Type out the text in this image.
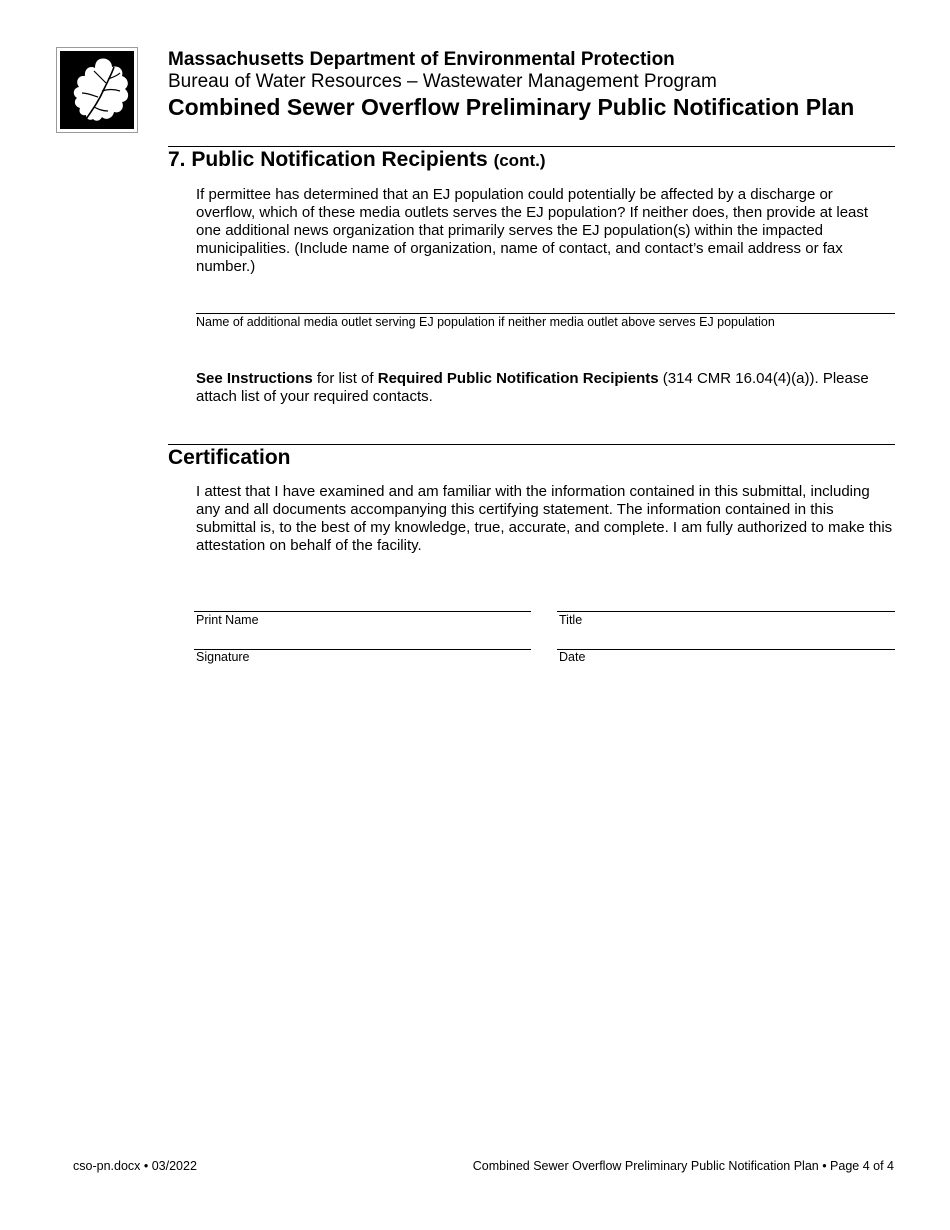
Massachusetts Department of Environmental Protection
Bureau of Water Resources – Wastewater Management Program
Combined Sewer Overflow Preliminary Public Notification Plan
7. Public Notification Recipients (cont.)
If permittee has determined that an EJ population could potentially be affected by a discharge or overflow, which of these media outlets serves the EJ population? If neither does, then provide at least one additional news organization that primarily serves the EJ population(s) within the impacted municipalities. (Include name of organization, name of contact, and contact’s email address or fax number.)
Name of additional media outlet serving EJ population if neither media outlet above serves EJ population
See Instructions for list of Required Public Notification Recipients (314 CMR 16.04(4)(a)). Please attach list of your required contacts.
Certification
I attest that I have examined and am familiar with the information contained in this submittal, including any and all documents accompanying this certifying statement. The information contained in this submittal is, to the best of my knowledge, true, accurate, and complete. I am fully authorized to make this attestation on behalf of the facility.
Print Name	Title
Signature	Date
cso-pn.docx • 03/2022	Combined Sewer Overflow Preliminary Public Notification Plan • Page 4 of 4
